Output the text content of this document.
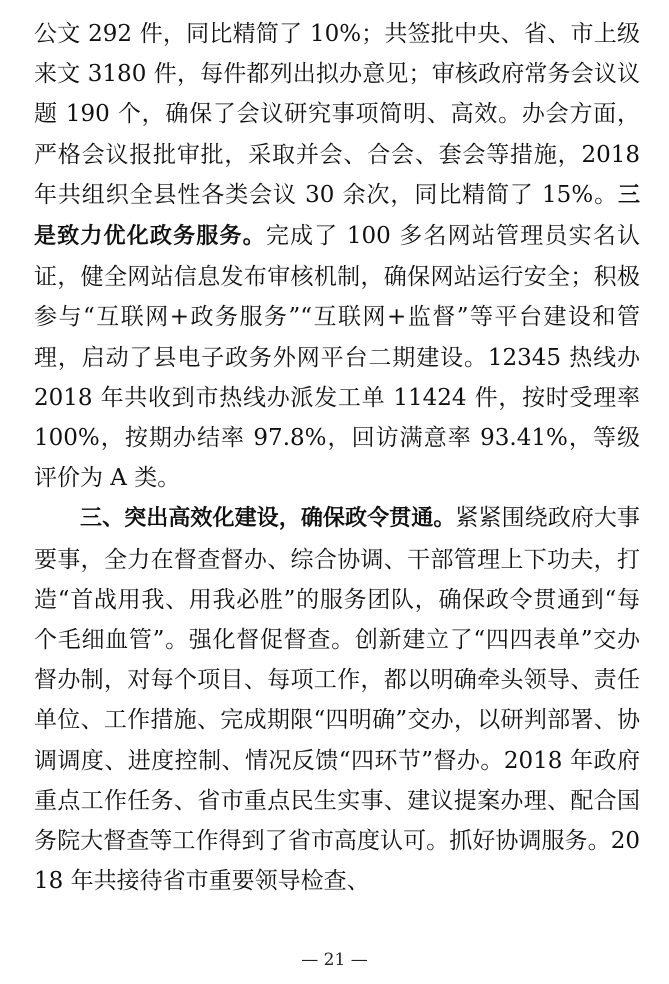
公文 292 件，同比精简了 10%；共签批中央、省、市上级来文 3180 件，每件都列出拟办意见；审核政府常务会议议题 190 个，确保了会议研究事项简明、高效。办会方面，严格会议报批审批，采取并会、合会、套会等措施，2018 年共组织全县性各类会议 30 余次，同比精简了 15%。三是致力优化政务服务。完成了 100 多名网站管理员实名认证，健全网站信息发布审核机制，确保网站运行安全；积极参与“互联网+政务服务”“互联网+监督”等平台建设和管理，启动了县电子政务外网平台二期建设。12345 热线办 2018 年共收到市热线办派发工单 11424 件，按时受理率 100%，按期办结率 97.8%，回访满意率 93.41%，等级评价为 A 类。

三、突出高效化建设，确保政令贯通。紧紧围绕政府大事要事，全力在督查督办、综合协调、干部管理上下功夫，打造“首战用我、用我必胜”的服务团队，确保政令贯通到“每个毛细血管”。强化督促督查。创新建立了“四四表单”交办督办制，对每个项目、每项工作，都以明确牵头领导、责任单位、工作措施、完成期限“四明确”交办，以研判部署、协调调度、进度控制、情况反馈“四环节”督办。2018 年政府重点工作任务、省市重点民生实事、建议提案办理、配合国务院大督查等工作得到了省市高度认可。抓好协调服务。2018 年共接待省市重要领导检查、

— 21 —
